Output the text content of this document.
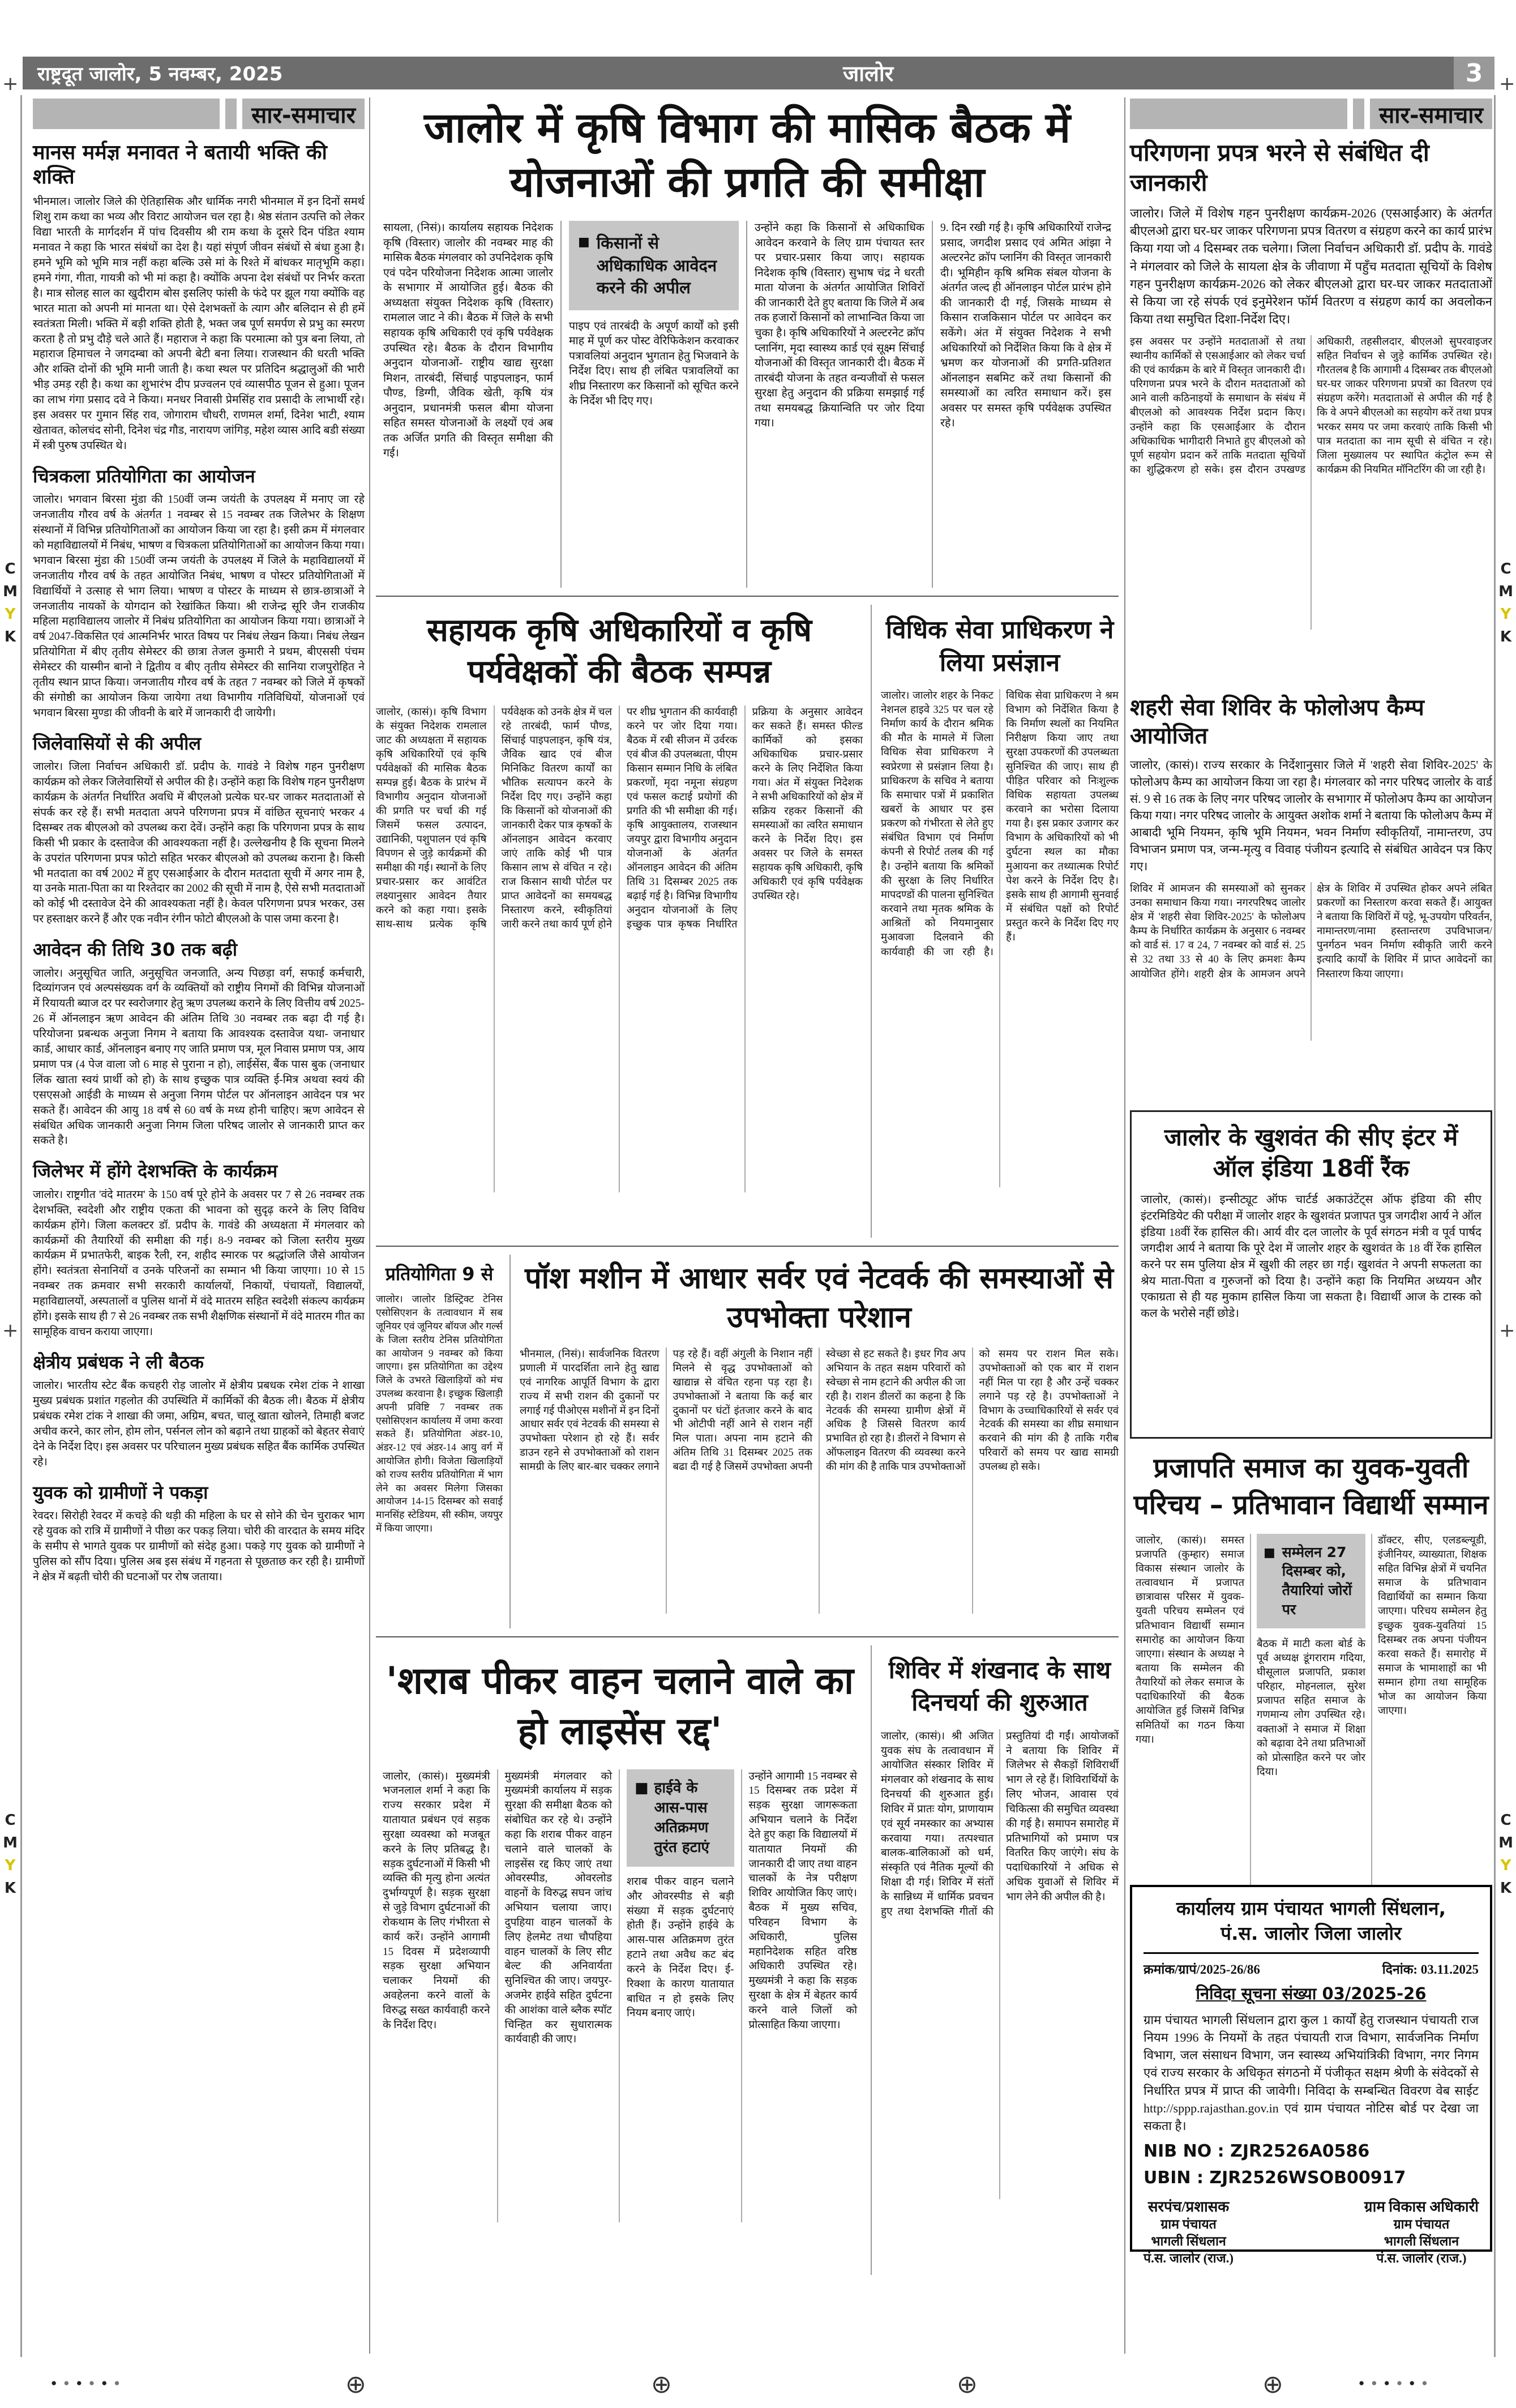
राष्ट्रदूत जालोर, 5 नवम्बर, 2025	जालोर	3
सार-समाचार
मानस मर्मज्ञ मनावत ने बतायी भक्ति की शक्ति

भीनमाल। जालोर जिले की ऐतिहासिक और धार्मिक नगरी भीनमाल में इन दिनों समर्थ शिशु राम कथा का भव्य और विराट आयोजन चल रहा है। श्रेष्ठ संतान उत्पत्ति को लेकर विद्या भारती के मार्गदर्शन में पांच दिवसीय श्री राम कथा के दूसरे दिन पंडित श्याम मनावत ने कहा कि भारत संबंधों का देश है। यहां संपूर्ण जीवन संबंधों से बंधा हुआ है। हमने भूमि को भूमि मात्र नहीं कहा बल्कि उसे मां के रिश्ते में बांधकर मातृभूमि कहा। हमने गंगा, गीता, गायत्री को भी मां कहा है। क्योंकि अपना देश संबंधों पर निर्भर करता है। मात्र सोलह साल का खुदीराम बोस इसलिए फांसी के फंदे पर झूल गया क्योंकि वह भारत माता को अपनी मां मानता था। ऐसे देशभक्तों के त्याग और बलिदान से ही हमें स्वतंत्रता मिली। भक्ति में बड़ी शक्ति होती है, भक्त जब पूर्ण समर्पण से प्रभु का स्मरण करता है तो प्रभु दौड़े चले आते हैं। महाराज ने कहा कि परमात्मा को पुत्र बना लिया, तो महाराज हिमाचल ने जगदम्बा को अपनी बेटी बना लिया। राजस्थान की धरती भक्ति और शक्ति दोनों की भूमि मानी जाती है। कथा स्थल पर प्रतिदिन श्रद्धालुओं की भारी भीड़ उमड़ रही है। कथा का शुभारंभ दीप प्रज्वलन एवं व्यासपीठ पूजन से हुआ। पूजन का लाभ गंगा प्रसाद दवे ने किया। मनधर निवासी प्रेमसिंह राव प्रसादी के लाभार्थी रहे। इस अवसर पर गुमान सिंह राव, जोगाराम चौधरी, राणमल शर्मा, दिनेश भाटी, श्याम खेतावत, कोलचंद सोनी, दिनेश चंद्र गौड, नारायण जांगिड़, महेश व्यास आदि बडी संख्या में स्त्री पुरुष उपस्थित थे।

चित्रकला प्रतियोगिता का आयोजन

जालोर। भगवान बिरसा मुंडा की 150वीं जन्म जयंती के उपलक्ष्य में मनाए जा रहे जनजातीय गौरव वर्ष के अंतर्गत 1 नवम्बर से 15 नवम्बर तक जिलेभर के शिक्षण संस्थानों में विभिन्न प्रतियोगिताओं का आयोजन किया जा रहा है। इसी क्रम में मंगलवार को महाविद्यालयों में निबंध, भाषण व चित्रकला प्रतियोगिताओं का आयोजन किया गया। भगवान बिरसा मुंडा की 150वीं जन्म जयंती के उपलक्ष्य में जिले के महाविद्यालयों में जनजातीय गौरव वर्ष के तहत आयोजित निबंध, भाषण व पोस्टर प्रतियोगिताओं में विद्यार्थियों ने उत्साह से भाग लिया। भाषण व पोस्टर के माध्यम से छात्र-छात्राओं ने जनजातीय नायकों के योगदान को रेखांकित किया। श्री राजेन्द्र सूरि जैन राजकीय महिला महाविद्यालय जालोर में निबंध प्रतियोगिता का आयोजन किया गया। छात्राओं ने वर्ष 2047-विकसित एवं आत्मनिर्भर भारत विषय पर निबंध लेखन किया। निबंध लेखन प्रतियोगिता में बीए तृतीय सेमेस्टर की छात्रा तेजल कुमारी ने प्रथम, बीएससी पंचम सेमेस्टर की यास्मीन बानो ने द्वितीय व बीए तृतीय सेमेस्टर की सानिया राजपुरोहित ने तृतीय स्थान प्राप्त किया। जनजातीय गौरव वर्ष के तहत 7 नवम्बर को जिले में कृषकों की संगोष्ठी का आयोजन किया जायेगा तथा विभागीय गतिविधियों, योजनाओं एवं भगवान बिरसा मुण्डा की जीवनी के बारे में जानकारी दी जायेगी।

जिलेवासियों से की अपील

जालोर। जिला निर्वाचन अधिकारी डॉ. प्रदीप के. गावंडे ने विशेष गहन पुनरीक्षण कार्यक्रम को लेकर जिलेवासियों से अपील की है। उन्होंने कहा कि विशेष गहन पुनरीक्षण कार्यक्रम के अंतर्गत निर्धारित अवधि में बीएलओ प्रत्येक घर-घर जाकर मतदाताओं से संपर्क कर रहे हैं। सभी मतदाता अपने परिगणना प्रपत्र में वांछित सूचनाएं भरकर 4 दिसम्बर तक बीएलओ को उपलब्ध करा देवें। उन्होंने कहा कि परिगणना प्रपत्र के साथ किसी भी प्रकार के दस्तावेज की आवश्यकता नहीं है। उल्लेखनीय है कि सूचना मिलने के उपरांत परिगणना प्रपत्र फोटो सहित भरकर बीएलओ को उपलब्ध कराना है। किसी भी मतदाता का वर्ष 2002 में हुए एसआईआर के दौरान मतदाता सूची में अगर नाम है, या उनके माता-पिता का या रिश्तेदार का 2002 की सूची में नाम है, ऐसे सभी मतदाताओं को कोई भी दस्तावेज देने की आवश्यकता नहीं है। केवल परिगणना प्रपत्र भरकर, उस पर हस्ताक्षर करने हैं और एक नवीन रंगीन फोटो बीएलओ के पास जमा करना है।

आवेदन की तिथि 30 तक बढ़ी

जालोर। अनुसूचित जाति, अनुसूचित जनजाति, अन्य पिछड़ा वर्ग, सफाई कर्मचारी, दिव्यांगजन एवं अल्पसंख्यक वर्ग के व्यक्तियों को राष्ट्रीय निगमों की विभिन्न योजनाओं में रियायती ब्याज दर पर स्वरोजगार हेतु ऋण उपलब्ध कराने के लिए वित्तीय वर्ष 2025-26 में ऑनलाइन ऋण आवेदन की अंतिम तिथि 30 नवम्बर तक बढ़ा दी गई है। परियोजना प्रबन्धक अनुजा निगम ने बताया कि आवश्यक दस्तावेज यथा- जनाधार कार्ड, आधार कार्ड, ऑनलाइन बनाए गए जाति प्रमाण पत्र, मूल निवास प्रमाण पत्र, आय प्रमाण पत्र (4 पेज वाला जो 6 माह से पुराना न हो), लाईसेंस, बैंक पास बुक (जनाधार लिंक खाता स्वयं प्रार्थी को हो) के साथ इच्छुक पात्र व्यक्ति ई-मित्र अथवा स्वयं की एसएसओ आईडी के माध्यम से अनुजा निगम पोर्टल पर ऑनलाइन आवेदन पत्र भर सकते हैं। आवेदन की आयु 18 वर्ष से 60 वर्ष के मध्य होनी चाहिए। ऋण आवेदन से संबंधित अधिक जानकारी अनुजा निगम जिला परिषद जालोर से जानकारी प्राप्त कर सकते है।

जिलेभर में होंगे देशभक्ति के कार्यक्रम

जालोर। राष्ट्रगीत 'वंदे मातरम' के 150 वर्ष पूरे होने के अवसर पर 7 से 26 नवम्बर तक देशभक्ति, स्वदेशी और राष्ट्रीय एकता की भावना को सुदृढ़ करने के लिए विविध कार्यक्रम होंगे। जिला कलक्टर डॉ. प्रदीप के. गावंडे की अध्यक्षता में मंगलवार को कार्यक्रमों की तैयारियों की समीक्षा की गई। 8-9 नवम्बर को जिला स्तरीय मुख्य कार्यक्रम में प्रभातफेरी, बाइक रैली, रन, शहीद स्मारक पर श्रद्धांजलि जैसे आयोजन होंगे। स्वतंत्रता सेनानियों व उनके परिजनों का सम्मान भी किया जाएगा। 10 से 15 नवम्बर तक क्रमवार सभी सरकारी कार्यालयों, निकायों, पंचायतों, विद्यालयों, महाविद्यालयों, अस्पतालों व पुलिस थानों में वंदे मातरम सहित स्वदेशी संकल्प कार्यक्रम होंगे। इसके साथ ही 7 से 26 नवम्बर तक सभी शैक्षणिक संस्थानों में वंदे मातरम गीत का सामूहिक वाचन कराया जाएगा।

क्षेत्रीय प्रबंधक ने ली बैठक

जालोर। भारतीय स्टेट बैंक कचहरी रोड़ जालोर में क्षेत्रीय प्रबधक रमेश टांक ने शाखा मुख्य प्रबंधक प्रशांत गहलोत की उपस्थिति में कार्मिकों की बैठक ली। बैठक में क्षेत्रीय प्रबंधक रमेश टांक ने शाखा की जमा, अग्रिम, बचत, चालू खाता खोलने, तिमाही बजट अचीव करने, कार लोन, होम लोन, पर्सनल लोन को बढ़ाने तथा ग्राहकों को बेहतर सेवाएं देने के निर्देश दिए। इस अवसर पर परिचालन मुख्य प्रबंधक सहित बैंक कार्मिक उपस्थित रहे।

युवक को ग्रामीणों ने पकड़ा

रेवदर। सिरोही रेवदर में कचड़े की थड़ी की महिला के घर से सोने की चेन चुराकर भाग रहे युवक को रात्रि में ग्रामीणों ने पीछा कर पकड़ लिया। चोरी की वारदात के समय मंदिर के समीप से भागते युवक पर ग्रामीणों को संदेह हुआ। पकड़े गए युवक को ग्रामीणों ने पुलिस को सौंप दिया। पुलिस अब इस संबंध में गहनता से पूछताछ कर रही है। ग्रामीणों ने क्षेत्र में बढ़ती चोरी की घटनाओं पर रोष जताया।

जालोर में कृषि विभाग की मासिक बैठक में योजनाओं की प्रगति की समीक्षा
सायला, (निसं)। कार्यालय सहायक निदेशक कृषि (विस्तार) जालोर की नवम्बर माह की मासिक बैठक मंगलवार को उपनिदेशक कृषि एवं पदेन परियोजना निदेशक आत्मा जालोर के सभागार में आयोजित हुई। बैठक की अध्यक्षता संयुक्त निदेशक कृषि (विस्तार) रामलाल जाट ने की। बैठक में जिले के सभी सहायक कृषि अधिकारी एवं कृषि पर्यवेक्षक उपस्थित रहे। बैठक के दौरान विभागीय अनुदान योजनाओं- राष्ट्रीय खाद्य सुरक्षा मिशन, तारबंदी, सिंचाई पाइपलाइन, फार्म पौण्ड, डिग्गी, जैविक खेती, कृषि यंत्र अनुदान, प्रधानमंत्री फसल बीमा योजना सहित समस्त योजनाओं के लक्ष्यों एवं अब तक अर्जित प्रगति की विस्तृत समीक्षा की गई।
■ किसानों से अधिकाधिक आवेदन करने की अपील
पाइप एवं तारबंदी के अपूर्ण कार्यों को इसी माह में पूर्ण कर पोस्ट वेरिफिकेशन करवाकर पत्रावलियां अनुदान भुगतान हेतु भिजवाने के निर्देश दिए। साथ ही लंबित पत्रावलियों का शीघ्र निस्तारण कर किसानों को सूचित करने के निर्देश भी दिए गए।
उन्होंने कहा कि किसानों से अधिकाधिक आवेदन करवाने के लिए ग्राम पंचायत स्तर पर प्रचार-प्रसार किया जाए। सहायक निदेशक कृषि (विस्तार) सुभाष चंद्र ने धरती माता योजना के अंतर्गत आयोजित शिविरों की जानकारी देते हुए बताया कि जिले में अब तक हजारों किसानों को लाभान्वित किया जा चुका है। कृषि अधिकारियों ने अल्टरनेट क्रॉप प्लानिंग, मृदा स्वास्थ्य कार्ड एवं सूक्ष्म सिंचाई योजनाओं की विस्तृत जानकारी दी। बैठक में तारबंदी योजना के तहत वन्यजीवों से फसल सुरक्षा हेतु अनुदान की प्रक्रिया समझाई गई तथा समयबद्ध क्रियान्विति पर जोर दिया गया।
9. दिन रखी गई है। कृषि अधिकारियों राजेन्द्र प्रसाद, जगदीश प्रसाद एवं अमित आंझा ने अल्टरनेट क्रॉप प्लानिंग की विस्तृत जानकारी दी। भूमिहीन कृषि श्रमिक संबल योजना के अंतर्गत जल्द ही ऑनलाइन पोर्टल प्रारंभ होने की जानकारी दी गई, जिसके माध्यम से किसान राजकिसान पोर्टल पर आवेदन कर सकेंगे। अंत में संयुक्त निदेशक ने सभी अधिकारियों को निर्देशित किया कि वे क्षेत्र में भ्रमण कर योजनाओं की प्रगति-प्रतिशत ऑनलाइन सबमिट करें तथा किसानों की समस्याओं का त्वरित समाधान करें। इस अवसर पर समस्त कृषि पर्यवेक्षक उपस्थित रहे।
सहायक कृषि अधिकारियों व कृषि पर्यवेक्षकों की बैठक सम्पन्न
जालोर, (कासं)। कृषि विभाग के संयुक्त निदेशक रामलाल जाट की अध्यक्षता में सहायक कृषि अधिकारियों एवं कृषि पर्यवेक्षकों की मासिक बैठक सम्पन्न हुई। बैठक के प्रारंभ में विभागीय अनुदान योजनाओं की प्रगति पर चर्चा की गई जिसमें फसल उत्पादन, उद्यानिकी, पशुपालन एवं कृषि विपणन से जुड़े कार्यक्रमों की समीक्षा की गई। स्थानों के लिए प्रचार-प्रसार कर आवंटित लक्ष्यानुसार आवेदन तैयार करने को कहा गया। इसके साथ-साथ प्रत्येक कृषि पर्यवेक्षक को उनके क्षेत्र में चल रहे तारबंदी, फार्म पौण्ड, सिंचाई पाइपलाइन, कृषि यंत्र, जैविक खाद एवं बीज मिनिकिट वितरण कार्यों का भौतिक सत्यापन करने के निर्देश दिए गए। उन्होंने कहा कि किसानों को योजनाओं की जानकारी देकर पात्र कृषकों के ऑनलाइन आवेदन करवाए जाएं ताकि कोई भी पात्र किसान लाभ से वंचित न रहे। राज किसान साथी पोर्टल पर प्राप्त आवेदनों का समयबद्ध निस्तारण करने, स्वीकृतियां जारी करने तथा कार्य पूर्ण होने पर शीघ्र भुगतान की कार्यवाही करने पर जोर दिया गया। बैठक में रबी सीजन में उर्वरक एवं बीज की उपलब्धता, पीएम किसान सम्मान निधि के लंबित प्रकरणों, मृदा नमूना संग्रहण एवं फसल कटाई प्रयोगों की प्रगति की भी समीक्षा की गई। कृषि आयुक्तालय, राजस्थान जयपुर द्वारा विभागीय अनुदान योजनाओं के अंतर्गत ऑनलाइन आवेदन की अंतिम तिथि 31 दिसम्बर 2025 तक बढ़ाई गई है। विभिन्न विभागीय अनुदान योजनाओं के लिए इच्छुक पात्र कृषक निर्धारित प्रक्रिया के अनुसार आवेदन कर सकते हैं। समस्त फील्ड कार्मिकों को इसका अधिकाधिक प्रचार-प्रसार करने के लिए निर्देशित किया गया। अंत में संयुक्त निदेशक ने सभी अधिकारियों को क्षेत्र में सक्रिय रहकर किसानों की समस्याओं का त्वरित समाधान करने के निर्देश दिए। इस अवसर पर जिले के समस्त सहायक कृषि अधिकारी, कृषि अधिकारी एवं कृषि पर्यवेक्षक उपस्थित रहे।
विधिक सेवा प्राधिकरण ने लिया प्रसंज्ञान
जालोर। जालोर शहर के निकट नेशनल हाइवे 325 पर चल रहे निर्माण कार्य के दौरान श्रमिक की मौत के मामले में जिला विधिक सेवा प्राधिकरण ने स्वप्रेरणा से प्रसंज्ञान लिया है। प्राधिकरण के सचिव ने बताया कि समाचार पत्रों में प्रकाशित खबरों के आधार पर इस प्रकरण को गंभीरता से लेते हुए संबंधित विभाग एवं निर्माण कंपनी से रिपोर्ट तलब की गई है। उन्होंने बताया कि श्रमिकों की सुरक्षा के लिए निर्धारित मापदण्डों की पालना सुनिश्चित करवाने तथा मृतक श्रमिक के आश्रितों को नियमानुसार मुआवजा दिलवाने की कार्यवाही की जा रही है। विधिक सेवा प्राधिकरण ने श्रम विभाग को निर्देशित किया है कि निर्माण स्थलों का नियमित निरीक्षण किया जाए तथा सुरक्षा उपकरणों की उपलब्धता सुनिश्चित की जाए। साथ ही पीड़ित परिवार को निःशुल्क विधिक सहायता उपलब्ध करवाने का भरोसा दिलाया गया है। इस प्रकार उजागर कर विभाग के अधिकारियों को भी दुर्घटना स्थल का मौका मुआयना कर तथ्यात्मक रिपोर्ट पेश करने के निर्देश दिए है। इसके साथ ही आगामी सुनवाई में संबंधित पक्षों को रिपोर्ट प्रस्तुत करने के निर्देश दिए गए हैं।
प्रतियोगिता 9 से

जालोर। जालोर डिस्ट्रिक्ट टेनिस एसोसिएशन के तत्वावधान में सब जूनियर एवं जूनियर बॉयज और गर्ल्स के जिला स्तरीय टेनिस प्रतियोगिता का आयोजन 9 नवम्बर को किया जाएगा। इस प्रतियोगिता का उद्देश्य जिले के उभरते खिलाड़ियों को मंच उपलब्ध करवाना है। इच्छुक खिलाड़ी अपनी प्रविष्टि 7 नवम्बर तक एसोसिएशन कार्यालय में जमा करवा सकते हैं। प्रतियोगिता अंडर-10, अंडर-12 एवं अंडर-14 आयु वर्ग में आयोजित होगी। विजेता खिलाड़ियों को राज्य स्तरीय प्रतियोगिता में भाग लेने का अवसर मिलेगा जिसका आयोजन 14-15 दिसम्बर को सवाई मानसिंह स्टेडियम, सी स्कीम, जयपुर में किया जाएगा।

पॉश मशीन में आधार सर्वर एवं नेटवर्क की समस्याओं से उपभोक्ता परेशान
भीनमाल, (निसं)। सार्वजनिक वितरण प्रणाली में पारदर्शिता लाने हेतु खाद्य एवं नागरिक आपूर्ति विभाग के द्वारा राज्य में सभी राशन की दुकानों पर लगाई गई पीओएस मशीनों में इन दिनों आधार सर्वर एवं नेटवर्क की समस्या से उपभोक्ता परेशान हो रहे हैं। सर्वर डाउन रहने से उपभोक्ताओं को राशन सामग्री के लिए बार-बार चक्कर लगाने पड़ रहे हैं। वहीं अंगुली के निशान नहीं मिलने से वृद्ध उपभोक्ताओं को खाद्यान्न से वंचित रहना पड़ रहा है। उपभोक्ताओं ने बताया कि कई बार दुकानों पर घंटों इंतजार करने के बाद भी ओटीपी नहीं आने से राशन नहीं मिल पाता। अपना नाम हटाने की अंतिम तिथि 31 दिसम्बर 2025 तक बढा दी गई है जिसमें उपभोक्ता अपनी स्वेच्छा से हट सकते है। इधर गिव अप अभियान के तहत सक्षम परिवारों को स्वेच्छा से नाम हटाने की अपील की जा रही है। राशन डीलरों का कहना है कि नेटवर्क की समस्या ग्रामीण क्षेत्रों में अधिक है जिससे वितरण कार्य प्रभावित हो रहा है। डीलरों ने विभाग से ऑफलाइन वितरण की व्यवस्था करने की मांग की है ताकि पात्र उपभोक्ताओं को समय पर राशन मिल सके। उपभोक्ताओं को एक बार में राशन नहीं मिल पा रहा है और उन्हें चक्कर लगाने पड़ रहे है। उपभोक्ताओं ने विभाग के उच्चाधिकारियों से सर्वर एवं नेटवर्क की समस्या का शीघ्र समाधान करवाने की मांग की है ताकि गरीब परिवारों को समय पर खाद्य सामग्री उपलब्ध हो सके।
'शराब पीकर वाहन चलाने वाले का हो लाइसेंस रद्द'
जालोर, (कासं)। मुख्यमंत्री भजनलाल शर्मा ने कहा कि राज्य सरकार प्रदेश में यातायात प्रबंधन एवं सड़क सुरक्षा व्यवस्था को मजबूत करने के लिए प्रतिबद्ध है। सड़क दुर्घटनाओं में किसी भी व्यक्ति की मृत्यु होना अत्यंत दुर्भाग्यपूर्ण है। सड़क सुरक्षा से जुड़े विभाग दुर्घटनाओं की रोकथाम के लिए गंभीरता से कार्य करें। उन्होंने आगामी 15 दिवस में प्रदेशव्यापी सड़क सुरक्षा अभियान चलाकर नियमों की अवहेलना करने वालों के विरुद्ध सख्त कार्यवाही करने के निर्देश दिए।
मुख्यमंत्री मंगलवार को मुख्यमंत्री कार्यालय में सड़क सुरक्षा की समीक्षा बैठक को संबोधित कर रहे थे। उन्होंने कहा कि शराब पीकर वाहन चलाने वाले चालकों के लाइसेंस रद्द किए जाएं तथा ओवरस्पीड, ओवरलोड वाहनों के विरुद्ध सघन जांच अभियान चलाया जाए। दुपहिया वाहन चालकों के लिए हेलमेट तथा चौपहिया वाहन चालकों के लिए सीट बेल्ट की अनिवार्यता सुनिश्चित की जाए। जयपुर-अजमेर हाईवे सहित दुर्घटना की आशंका वाले ब्लैक स्पॉट चिन्हित कर सुधारात्मक कार्यवाही की जाए।
■ हाईवे के आस-पास अतिक्रमण तुरंत हटाएं
शराब पीकर वाहन चलाने और ओवरस्पीड से बड़ी संख्या में सड़क दुर्घटनाएं होती हैं। उन्होंने हाईवे के आस-पास अतिक्रमण तुरंत हटाने तथा अवैध कट बंद करने के निर्देश दिए। ई-रिक्शा के कारण यातायात बाधित न हो इसके लिए नियम बनाए जाएं।
उन्होंने आगामी 15 नवम्बर से 15 दिसम्बर तक प्रदेश में सड़क सुरक्षा जागरूकता अभियान चलाने के निर्देश देते हुए कहा कि विद्यालयों में यातायात नियमों की जानकारी दी जाए तथा वाहन चालकों के नेत्र परीक्षण शिविर आयोजित किए जाएं। बैठक में मुख्य सचिव, परिवहन विभाग के अधिकारी, पुलिस महानिदेशक सहित वरिष्ठ अधिकारी उपस्थित रहे। मुख्यमंत्री ने कहा कि सड़क सुरक्षा के क्षेत्र में बेहतर कार्य करने वाले जिलों को प्रोत्साहित किया जाएगा।
शिविर में शंखनाद के साथ दिनचर्या की शुरुआत
जालोर, (कासं)। श्री अजित युवक संघ के तत्वावधान में आयोजित संस्कार शिविर में मंगलवार को शंखनाद के साथ दिनचर्या की शुरुआत हुई। शिविर में प्रातः योग, प्राणायाम एवं सूर्य नमस्कार का अभ्यास करवाया गया। तत्पश्चात बालक-बालिकाओं को धर्म, संस्कृति एवं नैतिक मूल्यों की शिक्षा दी गई। शिविर में संतों के सान्निध्य में धार्मिक प्रवचन हुए तथा देशभक्ति गीतों की प्रस्तुतियां दी गईं। आयोजकों ने बताया कि शिविर में जिलेभर से सैकड़ों शिविरार्थी भाग ले रहे हैं। शिविरार्थियों के लिए भोजन, आवास एवं चिकित्सा की समुचित व्यवस्था की गई है। समापन समारोह में प्रतिभागियों को प्रमाण पत्र वितरित किए जाएंगे। संघ के पदाधिकारियों ने अधिक से अधिक युवाओं से शिविर में भाग लेने की अपील की है।
सार-समाचार
परिगणना प्रपत्र भरने से संबंधित दी जानकारी

जालोर। जिले में विशेष गहन पुनरीक्षण कार्यक्रम-2026 (एसआईआर) के अंतर्गत बीएलओ द्वारा घर-घर जाकर परिगणना प्रपत्र वितरण व संग्रहण करने का कार्य प्रारंभ किया गया जो 4 दिसम्बर तक चलेगा। जिला निर्वाचन अधिकारी डॉ. प्रदीप के. गावंडे ने मंगलवार को जिले के सायला क्षेत्र के जीवाणा में पहुँच मतदाता सूचियों के विशेष गहन पुनरीक्षण कार्यक्रम-2026 को लेकर बीएलओ द्वारा घर-घर जाकर मतदाताओं से किया जा रहे संपर्क एवं इनुमेरेशन फॉर्म वितरण व संग्रहण कार्य का अवलोकन किया तथा समुचित दिशा-निर्देश दिए।

इस अवसर पर उन्होंने मतदाताओं से तथा स्थानीय कार्मिकों से एसआईआर को लेकर चर्चा की एवं कार्यक्रम के बारे में विस्तृत जानकारी दी। परिगणना प्रपत्र भरने के दौरान मतदाताओं को आने वाली कठिनाइयों के समाधान के संबंध में बीएलओ को आवश्यक निर्देश प्रदान किए। उन्होंने कहा कि एसआईआर के दौरान अधिकाधिक भागीदारी निभाते हुए बीएलओ को पूर्ण सहयोग प्रदान करें ताकि मतदाता सूचियों का शुद्धिकरण हो सके। इस दौरान उपखण्ड अधिकारी, तहसीलदार, बीएलओ सुपरवाइजर सहित निर्वाचन से जुड़े कार्मिक उपस्थित रहे। गौरतलब है कि आगामी 4 दिसम्बर तक बीएलओ घर-घर जाकर परिगणना प्रपत्रों का वितरण एवं संग्रहण करेंगे। मतदाताओं से अपील की गई है कि वे अपने बीएलओ का सहयोग करें तथा प्रपत्र भरकर समय पर जमा करवाएं ताकि किसी भी पात्र मतदाता का नाम सूची से वंचित न रहे। जिला मुख्यालय पर स्थापित कंट्रोल रूम से कार्यक्रम की नियमित मॉनिटरिंग की जा रही है।
शहरी सेवा शिविर के फोलोअप कैम्प आयोजित

जालोर, (कासं)। राज्य सरकार के निर्देशानुसार जिले में 'शहरी सेवा शिविर-2025' के फोलोअप कैम्प का आयोजन किया जा रहा है। मंगलवार को नगर परिषद जालोर के वार्ड सं. 9 से 16 तक के लिए नगर परिषद जालोर के सभागार में फोलोअप कैम्प का आयोजन किया गया। नगर परिषद जालोर के आयुक्त अशोक शर्मा ने बताया कि फोलोअप कैम्प में आबादी भूमि नियमन, कृषि भूमि नियमन, भवन निर्माण स्वीकृतियाँ, नामान्तरण, उप विभाजन प्रमाण पत्र, जन्म-मृत्यु व विवाह पंजीयन इत्यादि से संबंधित आवेदन पत्र किए गए।

शिविर में आमजन की समस्याओं को सुनकर उनका समाधान किया गया। नगरपरिषद जालोर क्षेत्र में 'शहरी सेवा शिविर-2025' के फोलोअप कैम्प के निर्धारित कार्यक्रम के अनुसार 6 नवम्बर को वार्ड सं. 17 व 24, 7 नवम्बर को वार्ड सं. 25 से 32 तथा 33 से 40 के लिए क्रमशः कैम्प आयोजित होंगे। शहरी क्षेत्र के आमजन अपने क्षेत्र के शिविर में उपस्थित होकर अपने लंबित प्रकरणों का निस्तारण करवा सकते हैं। आयुक्त ने बताया कि शिविरों में पट्टे, भू-उपयोग परिवर्तन, नामान्तरण/नामा हस्तान्तरण उपविभाजन/पुनर्गठन भवन निर्माण स्वीकृति जारी करने इत्यादि कार्यों के शिविर में प्राप्त आवेदनों का निस्तारण किया जाएगा।
जालोर के खुशवंत की सीए इंटर में ऑल इंडिया 18वीं रैंक

जालोर, (कासं)। इन्सीट्यूट ऑफ चार्टर्ड अकाउंटेंट्स ऑफ इंडिया की सीए इंटरमिडियेट की परीक्षा में जालोर शहर के खुशवंत प्रजापत पुत्र जगदीश आर्य ने ऑल इंडिया 18वीं रेंक हासिल की। आर्य वीर दल जालोर के पूर्व संगठन मंत्री व पूर्व पार्षद जगदीश आर्य ने बताया कि पूरे देश में जालोर शहर के खुशवंत के 18 वीं रेंक हासिल करने पर सम पुलिया क्षेत्र में खुशी की लहर छा गई। खुशवंत ने अपनी सफलता का श्रेय माता-पिता व गुरुजनों को दिया है। उन्होंने कहा कि नियमित अध्ययन और एकाग्रता से ही यह मुकाम हासिल किया जा सकता है। विद्यार्थी आज के टास्क को कल के भरोसे नहीं छोडे।

प्रजापति समाज का युवक-युवती परिचय – प्रतिभावान विद्यार्थी सम्मान
जालोर, (कासं)। समस्त प्रजापति (कुम्हार) समाज विकास संस्थान जालोर के तत्वावधान में प्रजापत छात्रावास परिसर में युवक-युवती परिचय सम्मेलन एवं प्रतिभावान विद्यार्थी सम्मान समारोह का आयोजन किया जाएगा। संस्थान के अध्यक्ष ने बताया कि सम्मेलन की तैयारियों को लेकर समाज के पदाधिकारियों की बैठक आयोजित हुई जिसमें विभिन्न समितियों का गठन किया गया।
■ सम्मेलन 27 दिसम्बर को, तैयारियां जोरों पर
बैठक में माटी कला बोर्ड के पूर्व अध्यक्ष डूंगराराम गदिया, घीसूलाल प्रजापति, प्रकाश परिहार, मोहनलाल, सुरेश प्रजापत सहित समाज के गणमान्य लोग उपस्थित रहे। वक्ताओं ने समाज में शिक्षा को बढ़ावा देने तथा प्रतिभाओं को प्रोत्साहित करने पर जोर दिया।
डॉक्टर, सीए, एलडब्ल्यूडी, इंजीनियर, व्याख्याता, शिक्षक सहित विभिन्न क्षेत्रों में चयनित समाज के प्रतिभावान विद्यार्थियों का सम्मान किया जाएगा। परिचय सम्मेलन हेतु इच्छुक युवक-युवतियां 15 दिसम्बर तक अपना पंजीयन करवा सकते हैं। समारोह में समाज के भामाशाहों का भी सम्मान होगा तथा सामूहिक भोज का आयोजन किया जाएगा।
कार्यालय ग्राम पंचायत भागली सिंधलान,
पं.स. जालोर जिला जालोर
क्रमांक/ग्रापं/2025-26/86	दिनांक: 03.11.2025
निविदा सूचना संख्या 03/2025-26

ग्राम पंचायत भागली सिंधलान द्वारा कुल 1 कार्यों हेतु राजस्थान पंचायती राज नियम 1996 के नियमों के तहत पंचायती राज विभाग, सार्वजनिक निर्माण विभाग, जल संसाधन विभाग, जन स्वास्थ्य अभियांत्रिकी विभाग, नगर निगम एवं राज्य सरकार के अधिकृत संगठनो में पंजीकृत सक्षम श्रेणी के संवेदकों से निर्धारित प्रपत्र में प्राप्त की जावेगी। निविदा के सम्बन्धित विवरण वेब साईट http://sppp.rajasthan.gov.in एवं ग्राम पंचायत नोटिस बोर्ड पर देखा जा सकता है।

NIB NO : ZJR2526A0586
UBIN : ZJR2526WSOB00917
सरपंच/प्रशासक
ग्राम पंचायत
भागली सिंधलान
पं.स. जालोर (राज.)
ग्राम विकास अधिकारी
ग्राम पंचायत
भागली सिंधलान
पं.स. जालोर (राज.)
+	+
+	+
C
M
Y
K
C
M
Y
K
C
M
Y
K
C
M
Y
K
● ● ● ● ● ●	⊕	⊕	⊕	⊕	● ● ● ● ● ●
